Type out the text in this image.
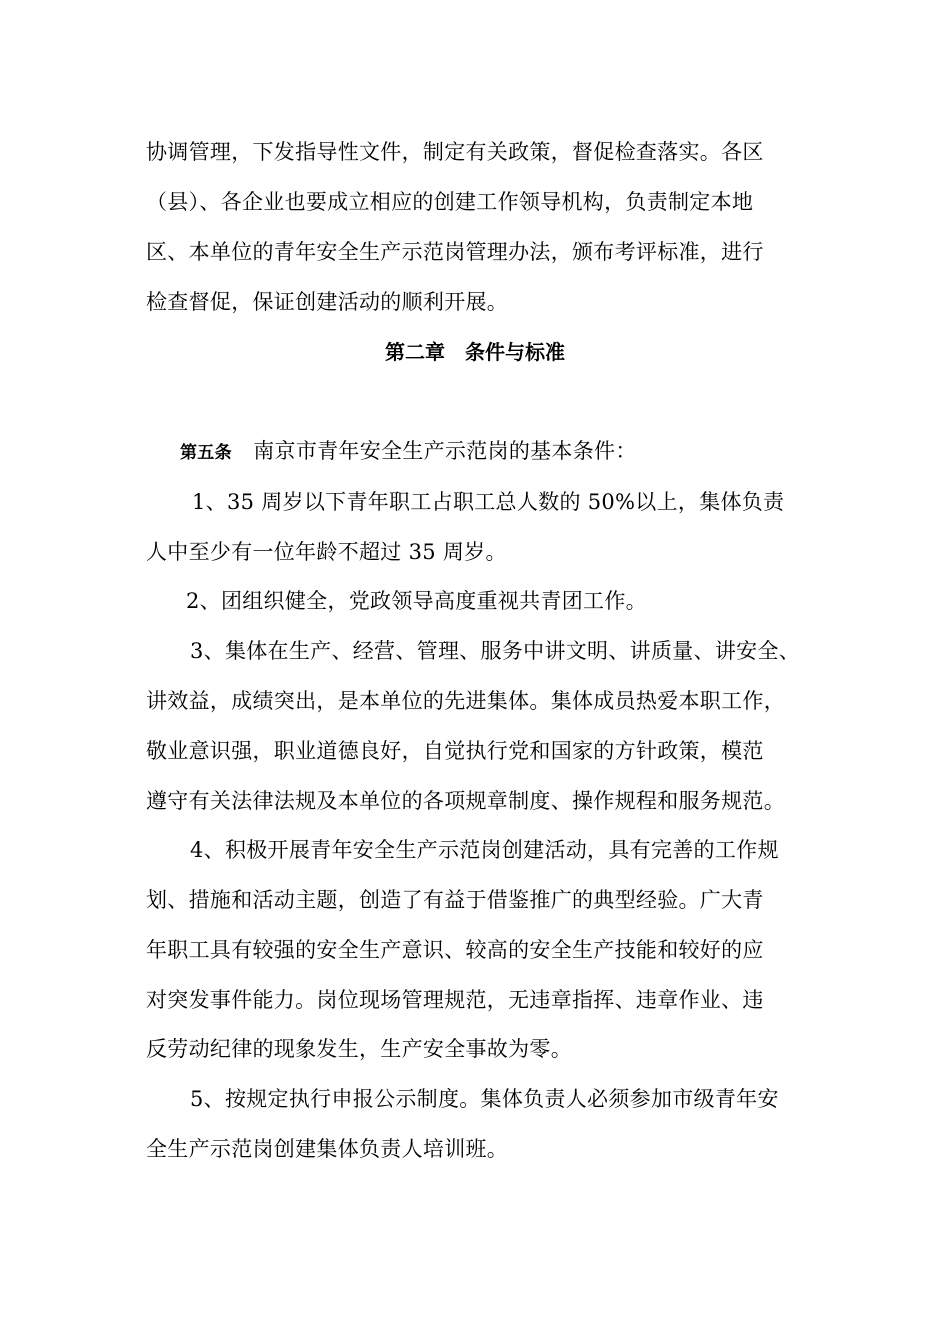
协调管理，下发指导性文件，制定有关政策，督促检查落实。各区
（县）、各企业也要成立相应的创建工作领导机构，负责制定本地
区、本单位的青年安全生产示范岗管理办法，颁布考评标准，进行
检查督促，保证创建活动的顺利开展。
第二章　条件与标准
第五条　 南京市青年安全生产示范岗的基本条件：
1、35 周岁以下青年职工占职工总人数的 50%以上，集体负责
人中至少有一位年龄不超过 35 周岁。
2、团组织健全，党政领导高度重视共青团工作。
3、集体在生产、经营、管理、服务中讲文明、讲质量、讲安全、
讲效益，成绩突出，是本单位的先进集体。集体成员热爱本职工作，
敬业意识强，职业道德良好，自觉执行党和国家的方针政策，模范
遵守有关法律法规及本单位的各项规章制度、操作规程和服务规范。
4、积极开展青年安全生产示范岗创建活动，具有完善的工作规
划、措施和活动主题，创造了有益于借鉴推广的典型经验。广大青
年职工具有较强的安全生产意识、较高的安全生产技能和较好的应
对突发事件能力。岗位现场管理规范，无违章指挥、违章作业、违
反劳动纪律的现象发生，生产安全事故为零。
5、按规定执行申报公示制度。集体负责人必须参加市级青年安
全生产示范岗创建集体负责人培训班。
